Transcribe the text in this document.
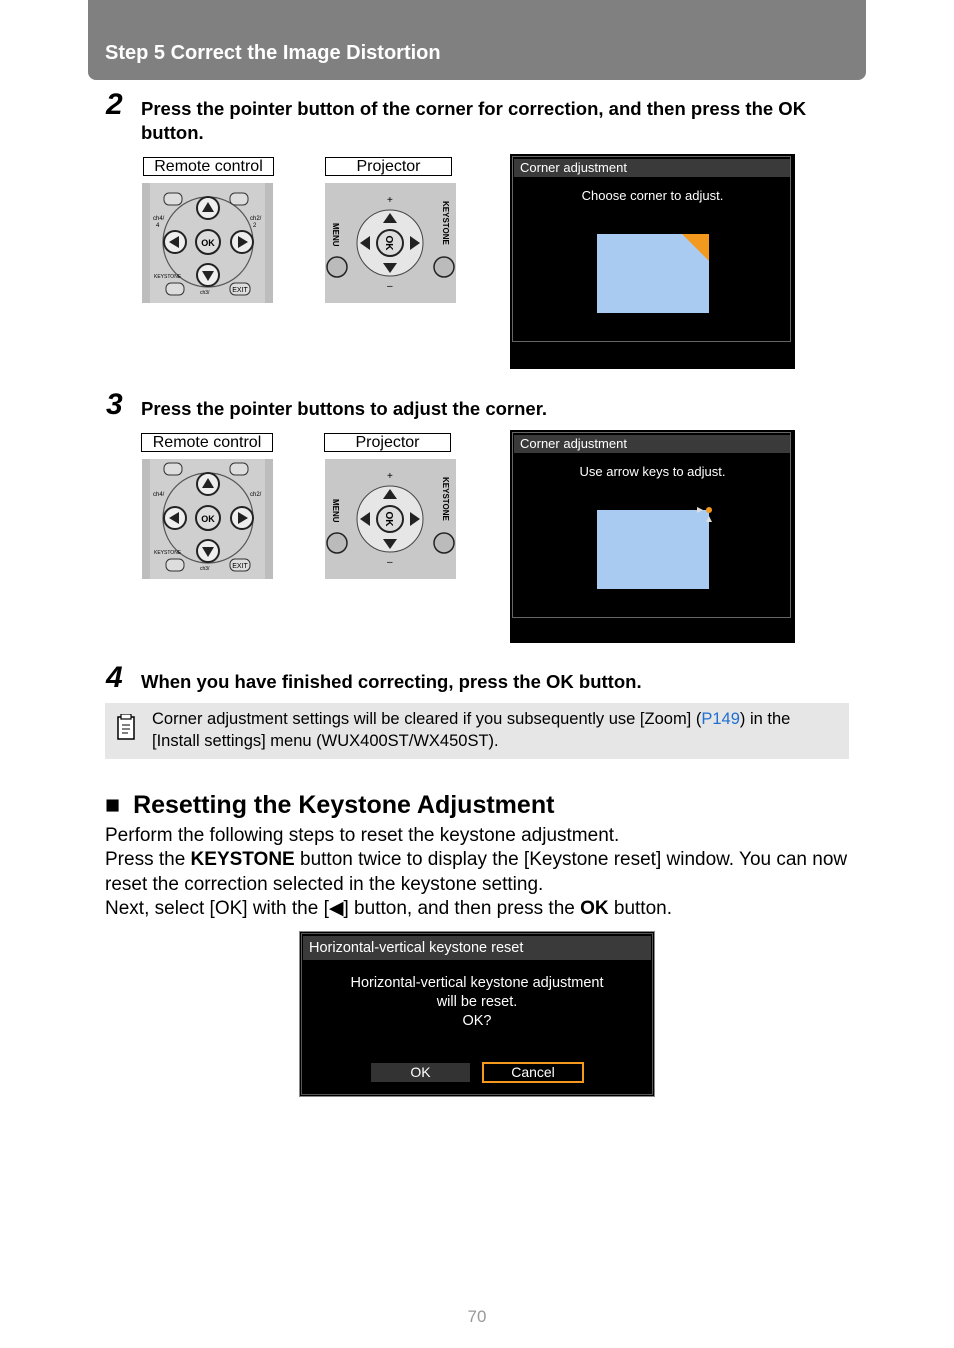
Step 5 Correct the Image Distortion
2 Press the pointer button of the corner for correction, and then press the OK button.
Remote control	Projector
OK
ch4/
4
ch2/
2
KEYSTONE
EXIT
ch3/
OK
MENU	KEYSTONE
+
–
Corner adjustment
Choose corner to adjust.
3 Press the pointer buttons to adjust the corner.
Remote control	Projector
OK
ch4/	ch2/
KEYSTONE
EXIT
ch3/
OK
MENU	KEYSTONE
+
–
Corner adjustment
Use arrow keys to adjust.
4 When you have finished correcting, press the OK button.
Corner adjustment settings will be cleared if you subsequently use [Zoom] (P149) in the [Install settings] menu (WUX400ST/WX450ST).
■ Resetting the Keystone Adjustment
Perform the following steps to reset the keystone adjustment.
Press the KEYSTONE button twice to display the [Keystone reset] window. You can now reset the correction selected in the keystone setting.
Next, select [OK] with the [◀] button, and then press the OK button.
Horizontal-vertical keystone reset
Horizontal-vertical keystone adjustment
will be reset.
OK?
OK	Cancel
70
